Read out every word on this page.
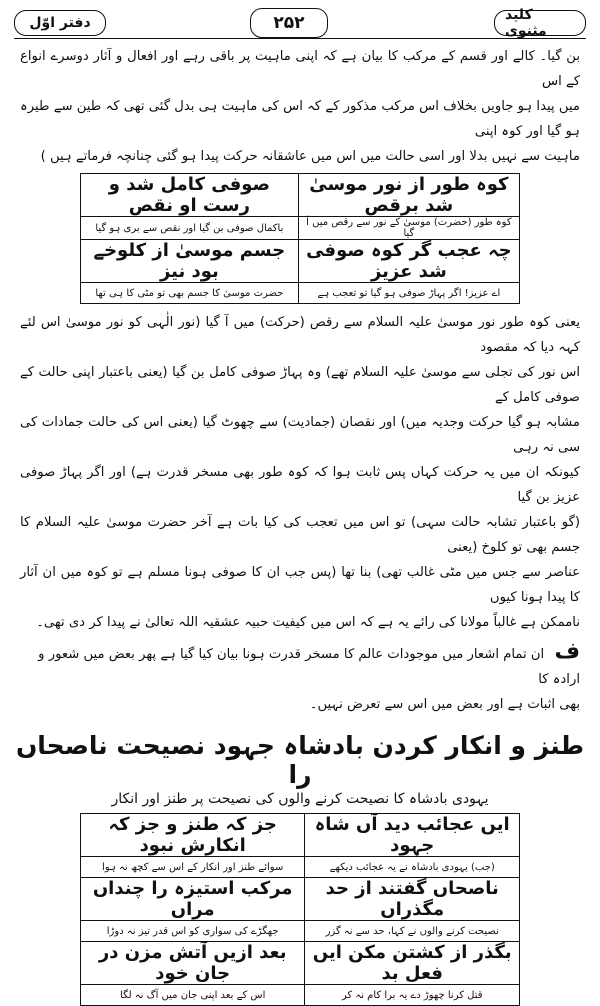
کلید مثنوی
۲۵۲
دفتر اوّل
بن گیا۔ کالے اور قسم کے مرکب کا بیان ہے کہ اپنی ماہیت پر باقی رہے اور افعال و آثار دوسرے انواع کے اس
میں پیدا ہو جاویں بخلاف اس مرکب مذکور کے کہ اس کی ماہیت ہی بدل گئی تھی کہ طین سے طیرہ ہو گیا اور کوہ اپنی
ماہیت سے نہیں بدلا اور اسی حالت میں اس میں عاشقانہ حرکت پیدا ہو گئی چنانچہ فرماتے ہیں )
کوہ طور از نور موسیٰ شد برقص	صوفی کامل شد و رست او نقص
کوہ طور (حضرت) موسیٰ کے نور سے رقص میں آ گیا	باکمال صوفی بن گیا اور نقص سے بری ہو گیا
چہ عجب گر کوہ صوفی شد عزیز	جسم موسیٰ از کلوخے بود نیز
اے عزیز! اگر پہاڑ صوفی ہو گیا تو تعجب ہے	حضرت موسیٰ کا جسم بھی تو مٹی کا ہی تھا
یعنی کوہ طور نور موسیٰ علیہ السلام سے رقص (حرکت) میں آ گیا (نور الٰہی کو نور موسیٰ اس لئے کہہ دیا کہ مقصود
اس نور کی تجلی سے موسیٰ علیہ السلام تھے) وہ پہاڑ صوفی کامل بن گیا (یعنی باعتبار اپنی حالت کے صوفی کامل کے
مشابہ ہو گیا حرکت وجدیہ میں) اور نقصان (جمادیت) سے چھوٹ گیا (یعنی اس کی حالت جمادات کی سی نہ رہی
کیونکہ ان میں یہ حرکت کہاں پس ثابت ہوا کہ کوہ طور بھی مسخر قدرت ہے) اور اگر پہاڑ صوفی عزیز بن گیا
(گو باعتبار تشابہ حالت سہی) تو اس میں تعجب کی کیا بات ہے آخر حضرت موسیٰ علیہ السلام کا جسم بھی تو کلوخ (یعنی
عناصر سے جس میں مٹی غالب تھی) بنا تھا (پس جب ان کا صوفی ہونا مسلم ہے تو کوہ میں ان آثار کا پیدا ہونا کیوں
ناممکن ہے غالباً مولانا کی رائے یہ ہے کہ اس میں کیفیت حبیہ عشقیہ اللہ تعالیٰ نے پیدا کر دی تھی۔
ف ان تمام اشعار میں موجودات عالم کا مسخر قدرت ہونا بیان کیا گیا ہے پھر بعض میں شعور و ارادہ کا
بھی اثبات ہے اور بعض میں اس سے تعرض نہیں۔
طنز و انکار کردن بادشاہ جہود نصیحت ناصحاں را
یہودی بادشاہ کا نصیحت کرنے والوں کی نصیحت پر طنز اور انکار
ایں عجائب دید آں شاہ جہود	جز کہ طنز و جز کہ انکارش نبود
(جب) یہودی بادشاہ نے یہ عجائب دیکھے	سوائے طنز اور انکار کے اس سے کچھ نہ ہوا
ناصحاں گفتند از حد مگذراں	مرکب استیزہ را چنداں مراں
نصیحت کرنے والوں نے کہا، حد سے نہ گزر	جھگڑے کی سواری کو اس قدر تیز نہ دوڑا
بگذر از کشتن مکن ایں فعل بد	بعد ازیں آتش مزن در جان خود
قتل کرنا چھوڑ دے یہ برا کام نہ کر	اس کے بعد اپنی جان میں آگ نہ لگا
